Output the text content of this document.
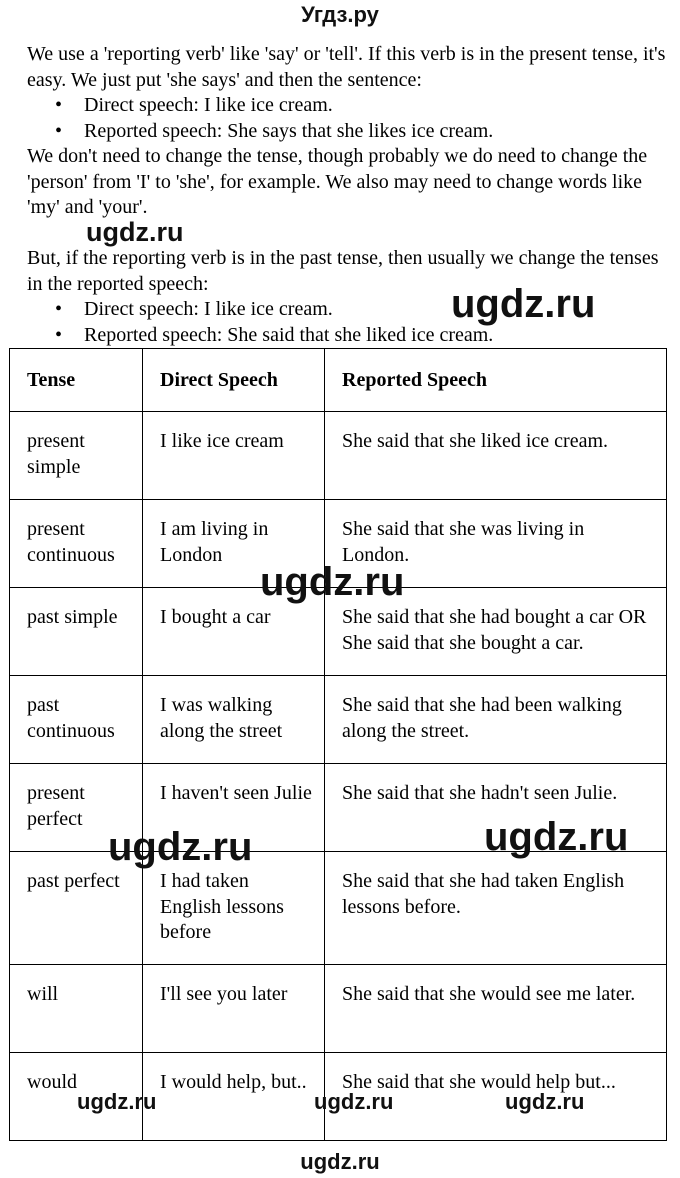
Угдз.ру
We use a 'reporting verb' like 'say' or 'tell'. If this verb is in the present tense, it's easy. We just put 'she says' and then the sentence:
• Direct speech: I like ice cream.
• Reported speech: She says that she likes ice cream.
We don't need to change the tense, though probably we do need to change the 'person' from 'I' to 'she', for example. We also may need to change words like 'my' and 'your'.
But, if the reporting verb is in the past tense, then usually we change the tenses in the reported speech:
• Direct speech: I like ice cream.
• Reported speech: She said that she liked ice cream.
Tense	Direct Speech	Reported Speech
present simple	I like ice cream	She said that she liked ice cream.
present continuous	I am living in London	She said that she was living in London.
past simple	I bought a car	She said that she had bought a car OR She said that she bought a car.
past continuous	I was walking along the street	She said that she had been walking along the street.
present perfect	I haven't seen Julie	She said that she hadn't seen Julie.
past perfect	I had taken English lessons before	She said that she had taken English lessons before.
will	I'll see you later	She said that she would see me later.
would	I would help, but..	She said that she would help but...
ugdz.ru
ugdz.ru
ugdz.ru
ugdz.ru
ugdz.ru
ugdz.ru	ugdz.ru	ugdz.ru
ugdz.ru
